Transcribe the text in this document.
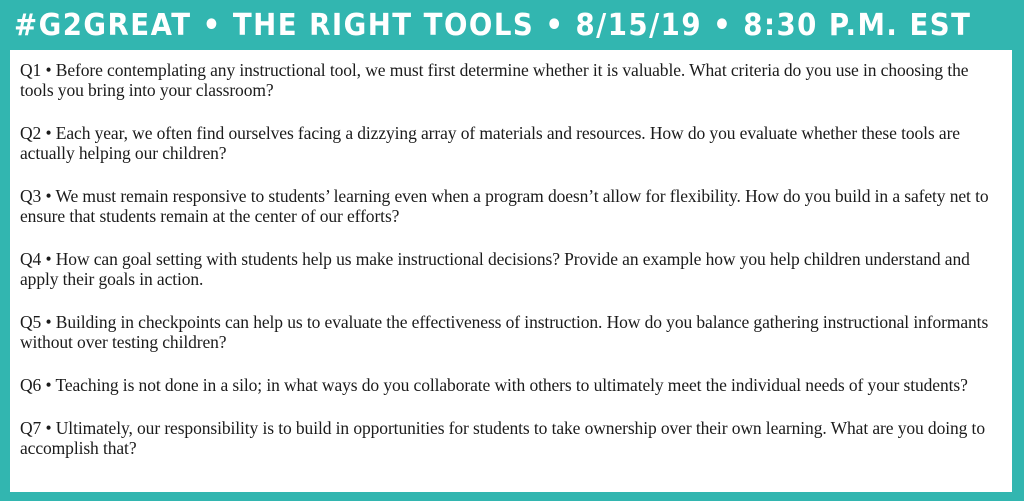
#G2GREAT • THE RIGHT TOOLS • 8/15/19 • 8:30 P.M. EST

Q1 • Before contemplating any instructional tool, we must first determine whether it is valuable. What criteria do you use in choosing the tools you bring into your classroom?

Q2 • Each year, we often find ourselves facing a dizzying array of materials and resources. How do you evaluate whether these tools are actually helping our children?

Q3 • We must remain responsive to students’ learning even when a program doesn’t allow for flexibility. How do you build in a safety net to ensure that students remain at the center of our efforts?

Q4 • How can goal setting with students help us make instructional decisions? Provide an example how you help children understand and apply their goals in action.

Q5 • Building in checkpoints can help us to evaluate the effectiveness of instruction. How do you balance gathering instructional informants without over testing children?

Q6 • Teaching is not done in a silo; in what ways do you collaborate with others to ultimately meet the individual needs of your students?

Q7 • Ultimately, our responsibility is to build in opportunities for students to take ownership over their own learning. What are you doing to accomplish that?
